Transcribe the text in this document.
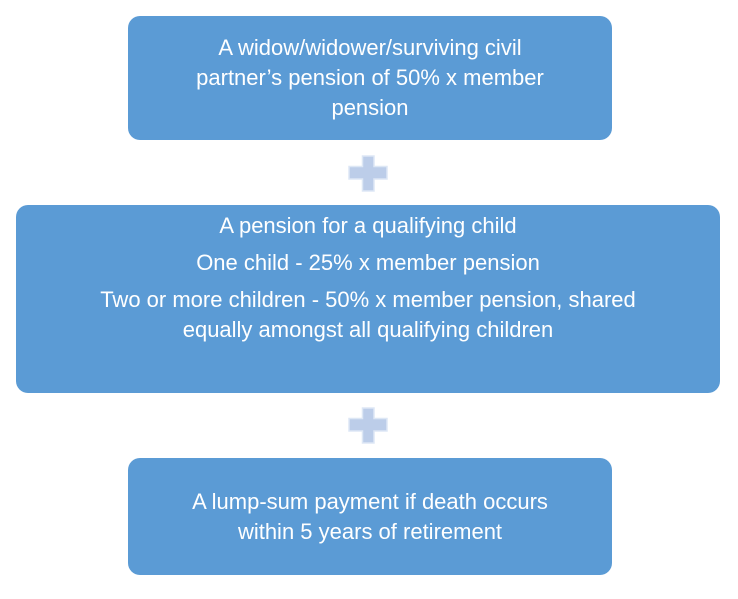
A widow/widower/surviving civil
partner’s pension of 50% x member
pension
A pension for a qualifying child
One child - 25% x member pension
Two or more children - 50% x member pension, shared
equally amongst all qualifying children
A lump-sum payment if death occurs
within 5 years of retirement
